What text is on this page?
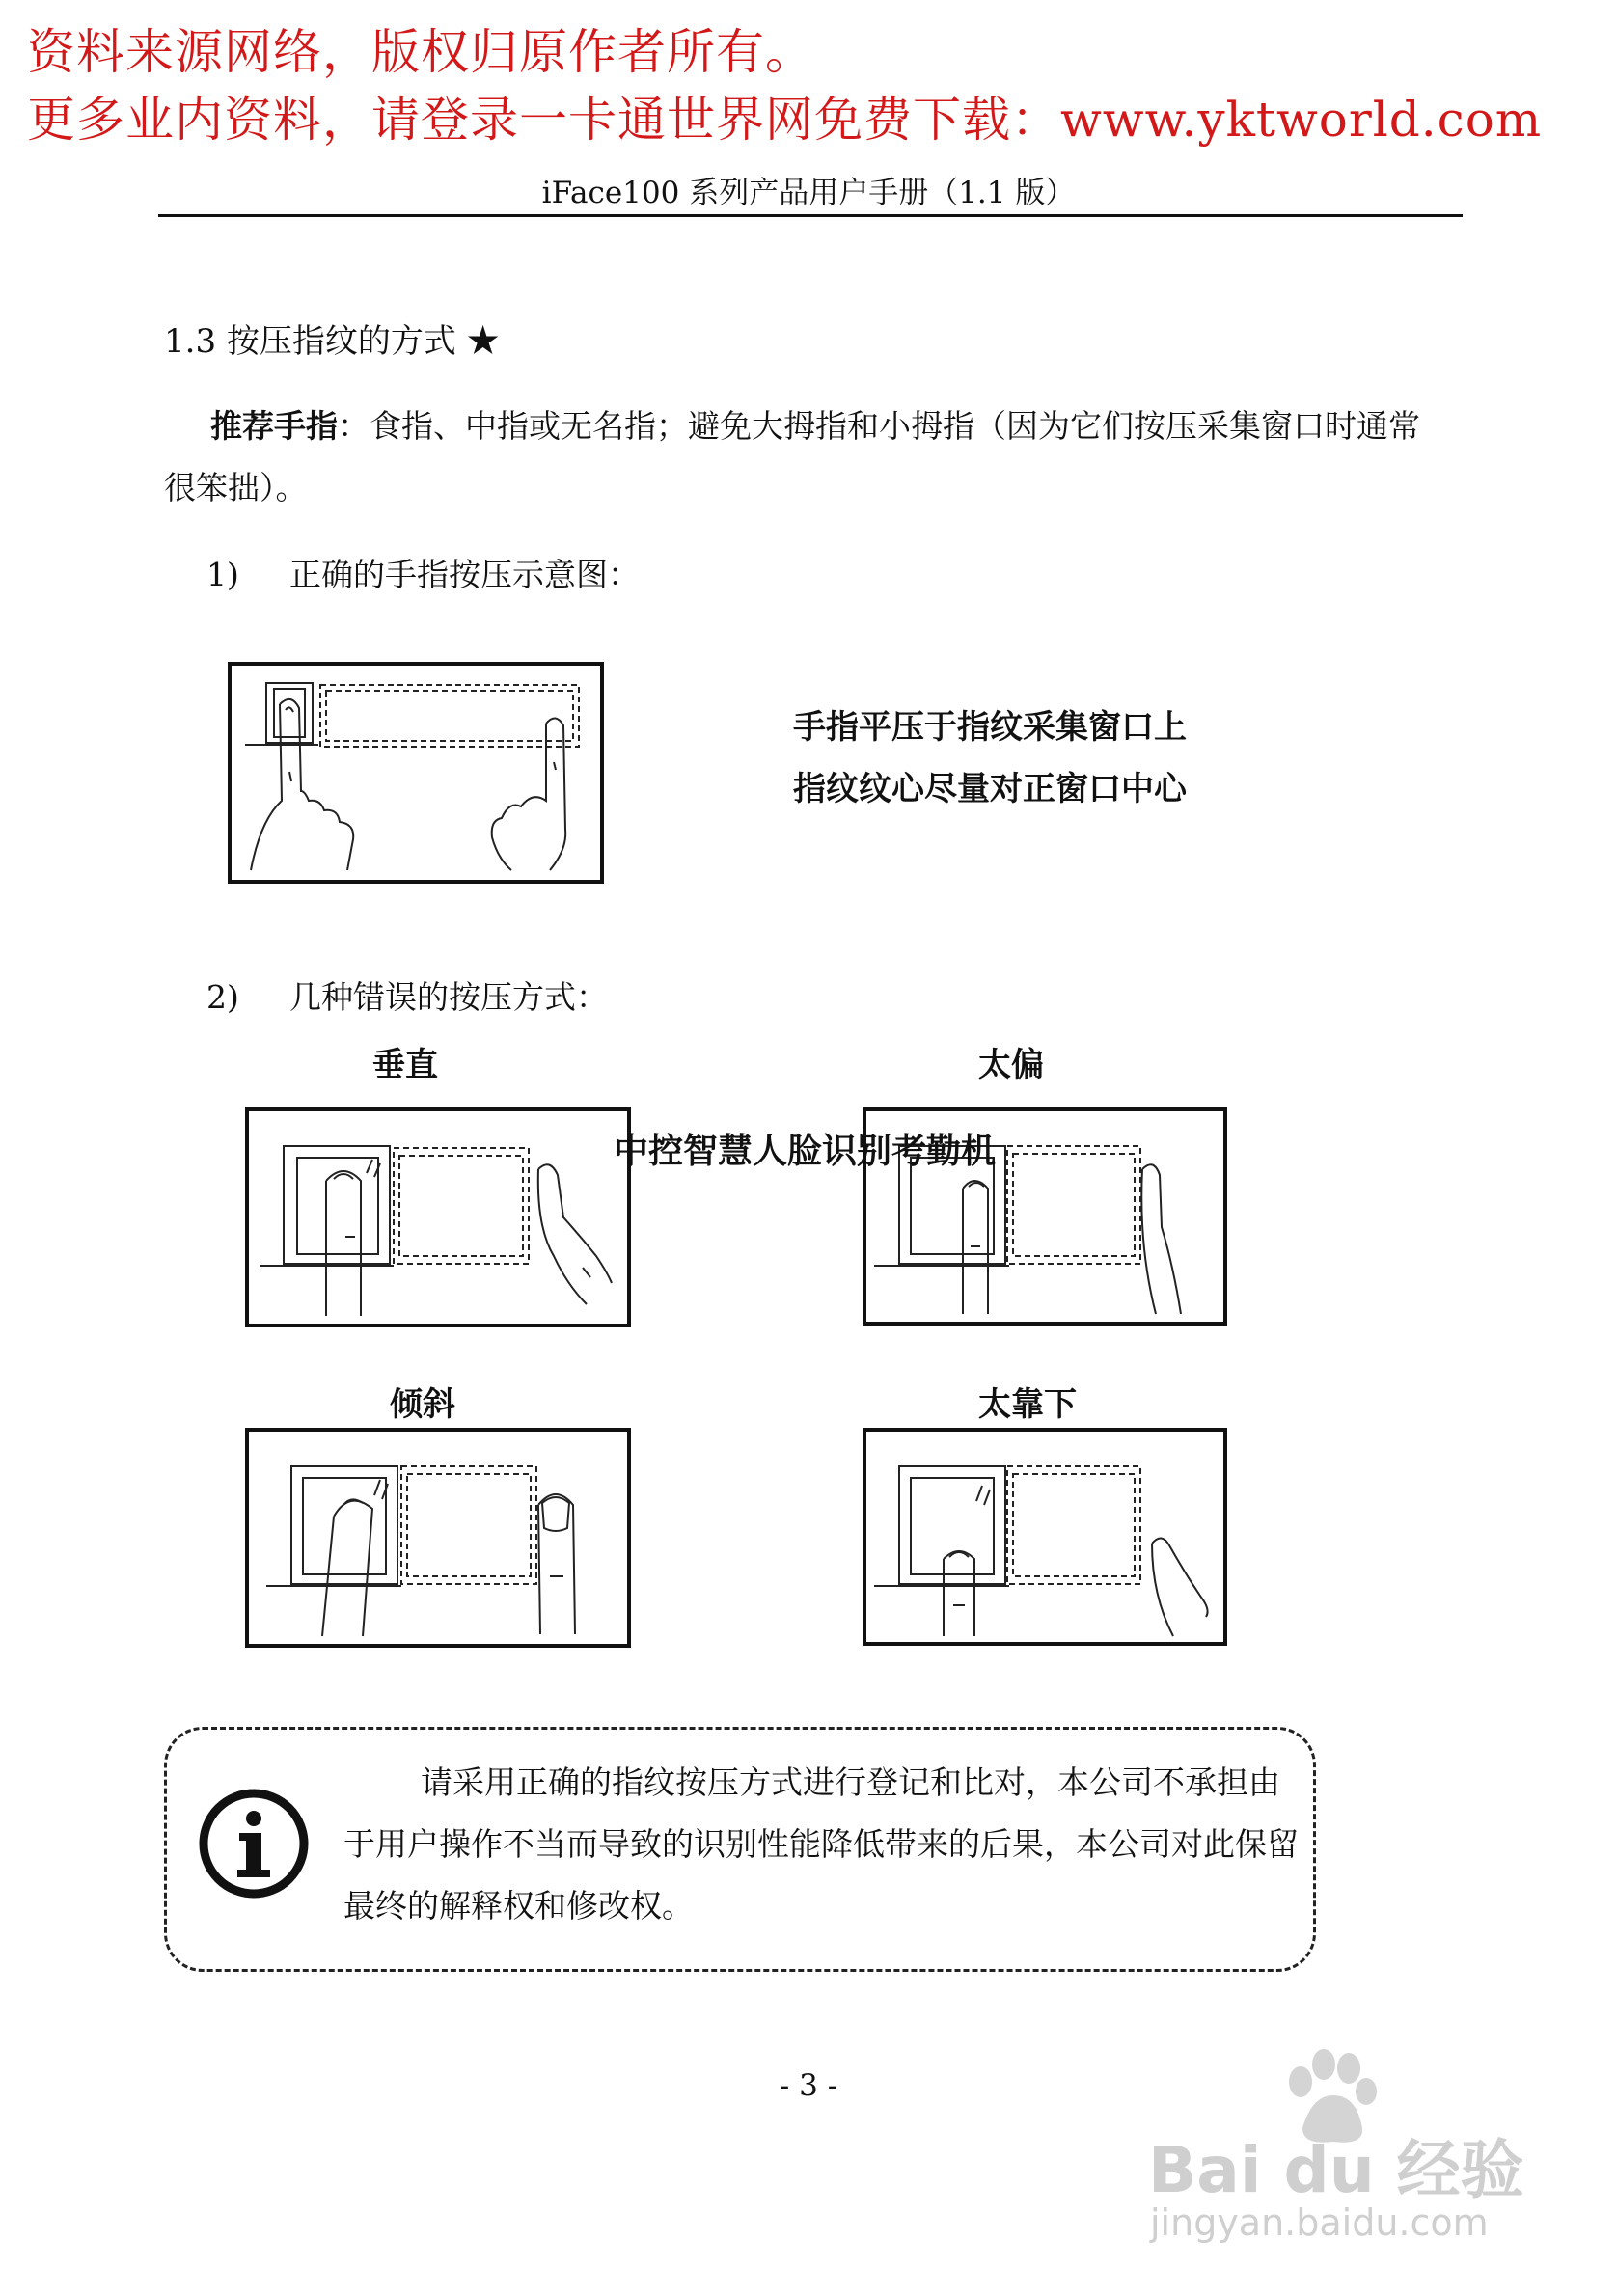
资料来源网络，版权归原作者所有。
更多业内资料，请登录一卡通世界网免费下载：www.yktworld.com
iFace100 系列产品用户手册（1.1 版）
1.3 按压指纹的方式 ★
推荐手指：食指、中指或无名指；避免大拇指和小拇指（因为它们按压采集窗口时通常很笨拙）。
1) 正确的手指按压示意图：
手指平压于指纹采集窗口上
指纹纹心尽量对正窗口中心
2) 几种错误的按压方式：
垂直	太偏
倾斜	太靠下
中控智慧人脸识别考勤机
请采用正确的指纹按压方式进行登记和比对，本公司不承担由于用户操作不当而导致的识别性能降低带来的后果，本公司对此保留最终的解释权和修改权。
- 3 -
Bai du 经验
jingyan.baidu.com
